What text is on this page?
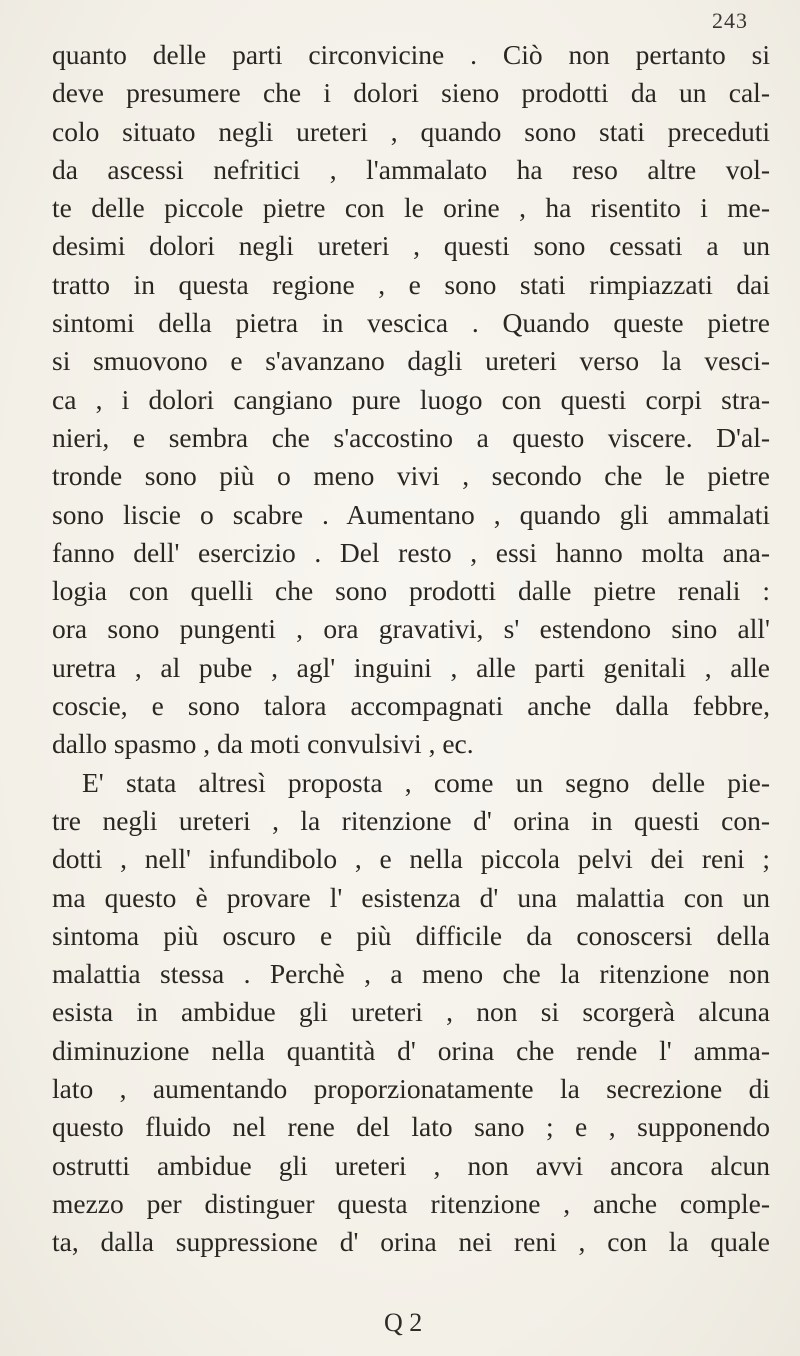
243
quanto delle parti circonvicine . Ciò non pertanto si
deve presumere che i dolori sieno prodotti da un cal-
colo situato negli ureteri , quando sono stati preceduti
da ascessi nefritici , l'ammalato ha reso altre vol-
te delle piccole pietre con le orine , ha risentito i me-
desimi dolori negli ureteri , questi sono cessati a un
tratto in questa regione , e sono stati rimpiazzati dai
sintomi della pietra in vescica . Quando queste pietre
si smuovono e s'avanzano dagli ureteri verso la vesci-
ca , i dolori cangiano pure luogo con questi corpi stra-
nieri, e sembra che s'accostino a questo viscere. D'al-
tronde sono più o meno vivi , secondo che le pietre
sono liscie o scabre . Aumentano , quando gli ammalati
fanno dell' esercizio . Del resto , essi hanno molta ana-
logia con quelli che sono prodotti dalle pietre renali :
ora sono pungenti , ora gravativi, s' estendono sino all'
uretra , al pube , agl' inguini , alle parti genitali , alle
coscie, e sono talora accompagnati anche dalla febbre,
dallo spasmo , da moti convulsivi , ec.
E' stata altresì proposta , come un segno delle pie-
tre negli ureteri , la ritenzione d' orina in questi con-
dotti , nell' infundibolo , e nella piccola pelvi dei reni ;
ma questo è provare l' esistenza d' una malattia con un
sintoma più oscuro e più difficile da conoscersi della
malattia stessa . Perchè , a meno che la ritenzione non
esista in ambidue gli ureteri , non si scorgerà alcuna
diminuzione nella quantità d' orina che rende l' amma-
lato , aumentando proporzionatamente la secrezione di
questo fluido nel rene del lato sano ; e , supponendo
ostrutti ambidue gli ureteri , non avvi ancora alcun
mezzo per distinguer questa ritenzione , anche comple-
ta, dalla suppressione d' orina nei reni , con la quale
Q 2
